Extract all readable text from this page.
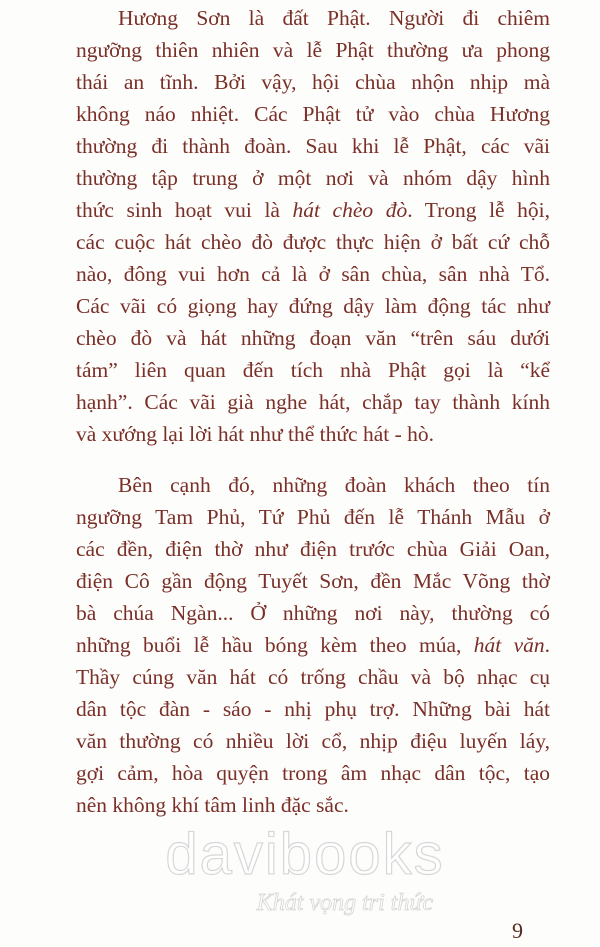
Hương Sơn là đất Phật. Người đi chiêm
ngưỡng thiên nhiên và lễ Phật thường ưa phong
thái an tĩnh. Bởi vậy, hội chùa nhộn nhịp mà
không náo nhiệt. Các Phật tử vào chùa Hương
thường đi thành đoàn. Sau khi lễ Phật, các vãi
thường tập trung ở một nơi và nhóm dậy hình
thức sinh hoạt vui là hát chèo đò. Trong lễ hội,
các cuộc hát chèo đò được thực hiện ở bất cứ chỗ
nào, đông vui hơn cả là ở sân chùa, sân nhà Tổ.
Các vãi có giọng hay đứng dậy làm động tác như
chèo đò và hát những đoạn văn “trên sáu dưới
tám” liên quan đến tích nhà Phật gọi là “kể
hạnh”. Các vãi già nghe hát, chắp tay thành kính
và xướng lại lời hát như thể thức hát - hò.
Bên cạnh đó, những đoàn khách theo tín
ngưỡng Tam Phủ, Tứ Phủ đến lễ Thánh Mẫu ở
các đền, điện thờ như điện trước chùa Giải Oan,
điện Cô gần động Tuyết Sơn, đền Mắc Võng thờ
bà chúa Ngàn... Ở những nơi này, thường có
những buổi lễ hầu bóng kèm theo múa, hát văn.
Thầy cúng văn hát có trống chầu và bộ nhạc cụ
dân tộc đàn - sáo - nhị phụ trợ. Những bài hát
văn thường có nhiều lời cổ, nhịp điệu luyến láy,
gợi cảm, hòa quyện trong âm nhạc dân tộc, tạo
nên không khí tâm linh đặc sắc.
davibooks
Khát vọng tri thức
9
